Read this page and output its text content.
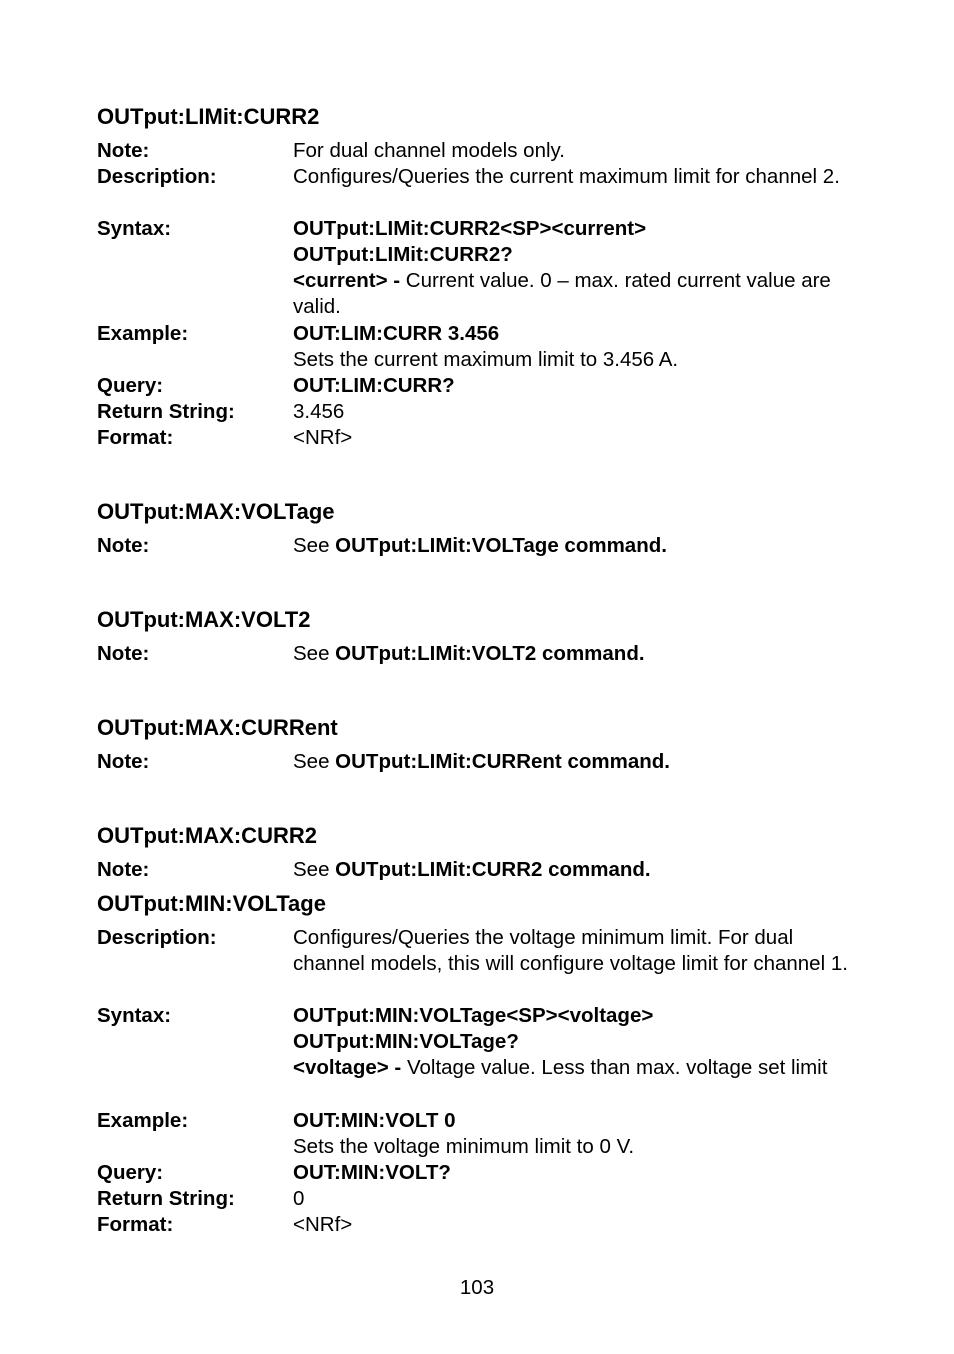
OUTput:LIMit:CURR2
Note:	For dual channel models only.
Description:	Configures/Queries the current maximum limit for channel 2.
Syntax:	OUTput:LIMit:CURR2<SP><current>
OUTput:LIMit:CURR2?
<current> - Current value. 0 – max. rated current value are valid.
Example:	OUT:LIM:CURR 3.456
Sets the current maximum limit to 3.456 A.
Query:	OUT:LIM:CURR?
Return String:	3.456
Format:	<NRf>
OUTput:MAX:VOLTage
Note:	See OUTput:LIMit:VOLTage command.
OUTput:MAX:VOLT2
Note:	See OUTput:LIMit:VOLT2 command.
OUTput:MAX:CURRent
Note:	See OUTput:LIMit:CURRent command.
OUTput:MAX:CURR2
Note:	See OUTput:LIMit:CURR2 command.
OUTput:MIN:VOLTage
Description:	Configures/Queries the voltage minimum limit. For dual channel models, this will configure voltage limit for channel 1.
Syntax:	OUTput:MIN:VOLTage<SP><voltage>
OUTput:MIN:VOLTage?
<voltage> - Voltage value. Less than max. voltage set limit
Example:	OUT:MIN:VOLT 0
Sets the voltage minimum limit to 0 V.
Query:	OUT:MIN:VOLT?
Return String:	0
Format:	<NRf>
103
